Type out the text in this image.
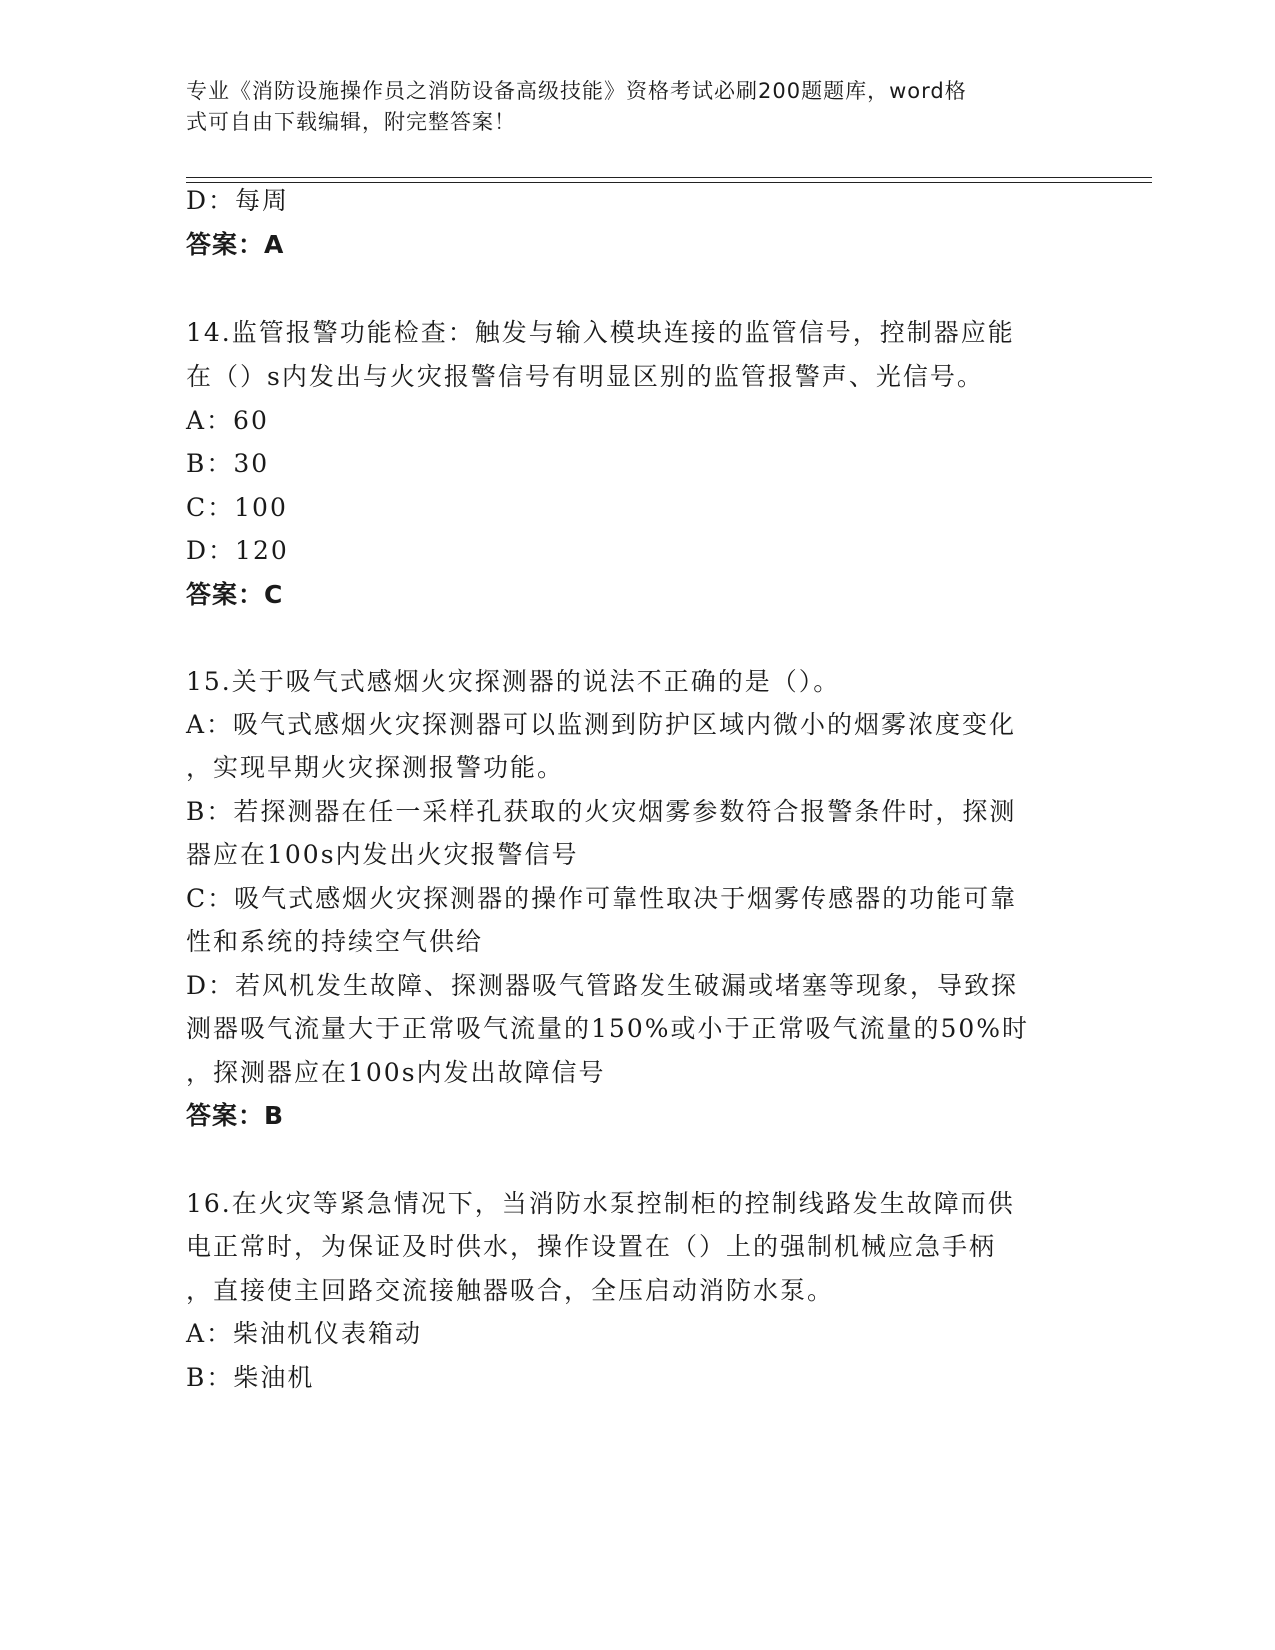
专业《消防设施操作员之消防设备高级技能》资格考试必刷200题题库，word格
式可自由下载编辑，附完整答案！
D：每周
答案：A
14.监管报警功能检查：触发与输入模块连接的监管信号，控制器应能
在（）s内发出与火灾报警信号有明显区别的监管报警声、光信号。
A：60
B：30
C：100
D：120
答案：C
15.关于吸气式感烟火灾探测器的说法不正确的是（）。
A：吸气式感烟火灾探测器可以监测到防护区域内微小的烟雾浓度变化
，实现早期火灾探测报警功能。
B：若探测器在任一采样孔获取的火灾烟雾参数符合报警条件时，探测
器应在100s内发出火灾报警信号
C：吸气式感烟火灾探测器的操作可靠性取决于烟雾传感器的功能可靠
性和系统的持续空气供给
D：若风机发生故障、探测器吸气管路发生破漏或堵塞等现象，导致探
测器吸气流量大于正常吸气流量的150%或小于正常吸气流量的50%时
，探测器应在100s内发出故障信号
答案：B
16.在火灾等紧急情况下，当消防水泵控制柜的控制线路发生故障而供
电正常时，为保证及时供水，操作设置在（）上的强制机械应急手柄
，直接使主回路交流接触器吸合，全压启动消防水泵。
A：柴油机仪表箱动
B：柴油机
